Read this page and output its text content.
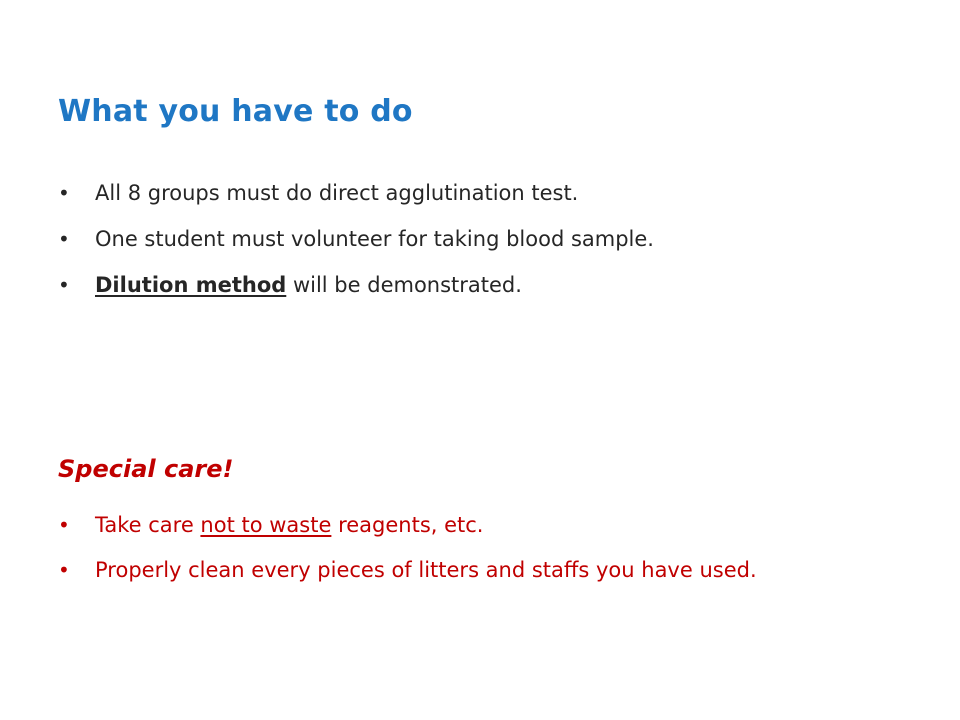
What you have to do
• All 8 groups must do direct agglutination test.
• One student must volunteer for taking blood sample.
• Dilution method will be demonstrated.
Special care!
• Take care not to waste reagents, etc.
• Properly clean every pieces of litters and staffs you have used.
